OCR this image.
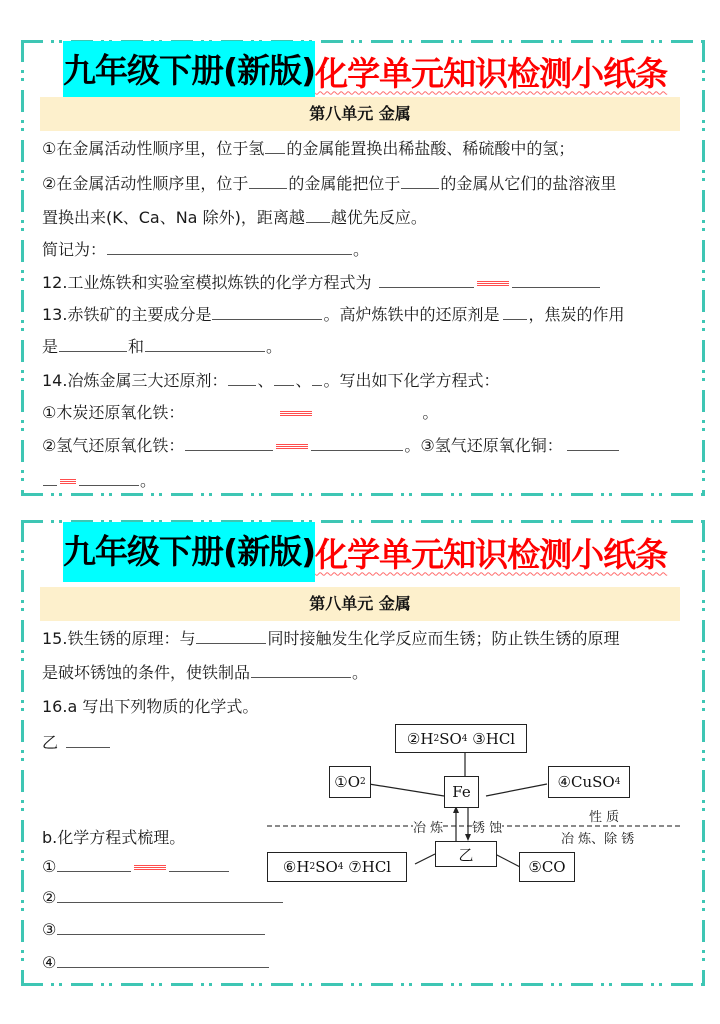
九年级下册(新版) 化学单元知识检测小纸条
第八单元 金属
①在金属活动性顺序里，位于氢 的金属能置换出稀盐酸、稀硫酸中的氢；
②在金属活动性顺序里，位于	的金属能把位于	的金属从它们的盐溶液里
置换出来(K、Ca、Na 除外)，距离越 越优先反应。
简记为：	。
12.工业炼铁和实验室模拟炼铁的化学方程式为
13.赤铁矿的主要成分是	。高炉炼铁中的还原剂是 ，焦炭的作用
是	和	。
14.冶炼金属三大还原剂： 、 、 。写出如下化学方程式：
①木炭还原氧化铁：	。
②氢气还原氧化铁：	。③氢气还原氧化铜：
。
九年级下册(新版) 化学单元知识检测小纸条
第八单元 金属
15.铁生锈的原理：与	同时接触发生化学反应而生锈；防止铁生锈的原理
是破坏锈蚀的条件，使铁制品	。
16.a 写出下列物质的化学式。
乙
b.化学方程式梳理。
①
②
③
④
② H 2 SO 4
③ HCl
① O 2
Fe
④ CuSO 4
冶 炼 锈 蚀
性 质
冶 炼、除 锈
乙
⑥ H 2 SO 4
⑦ HCl	⑤ CO
